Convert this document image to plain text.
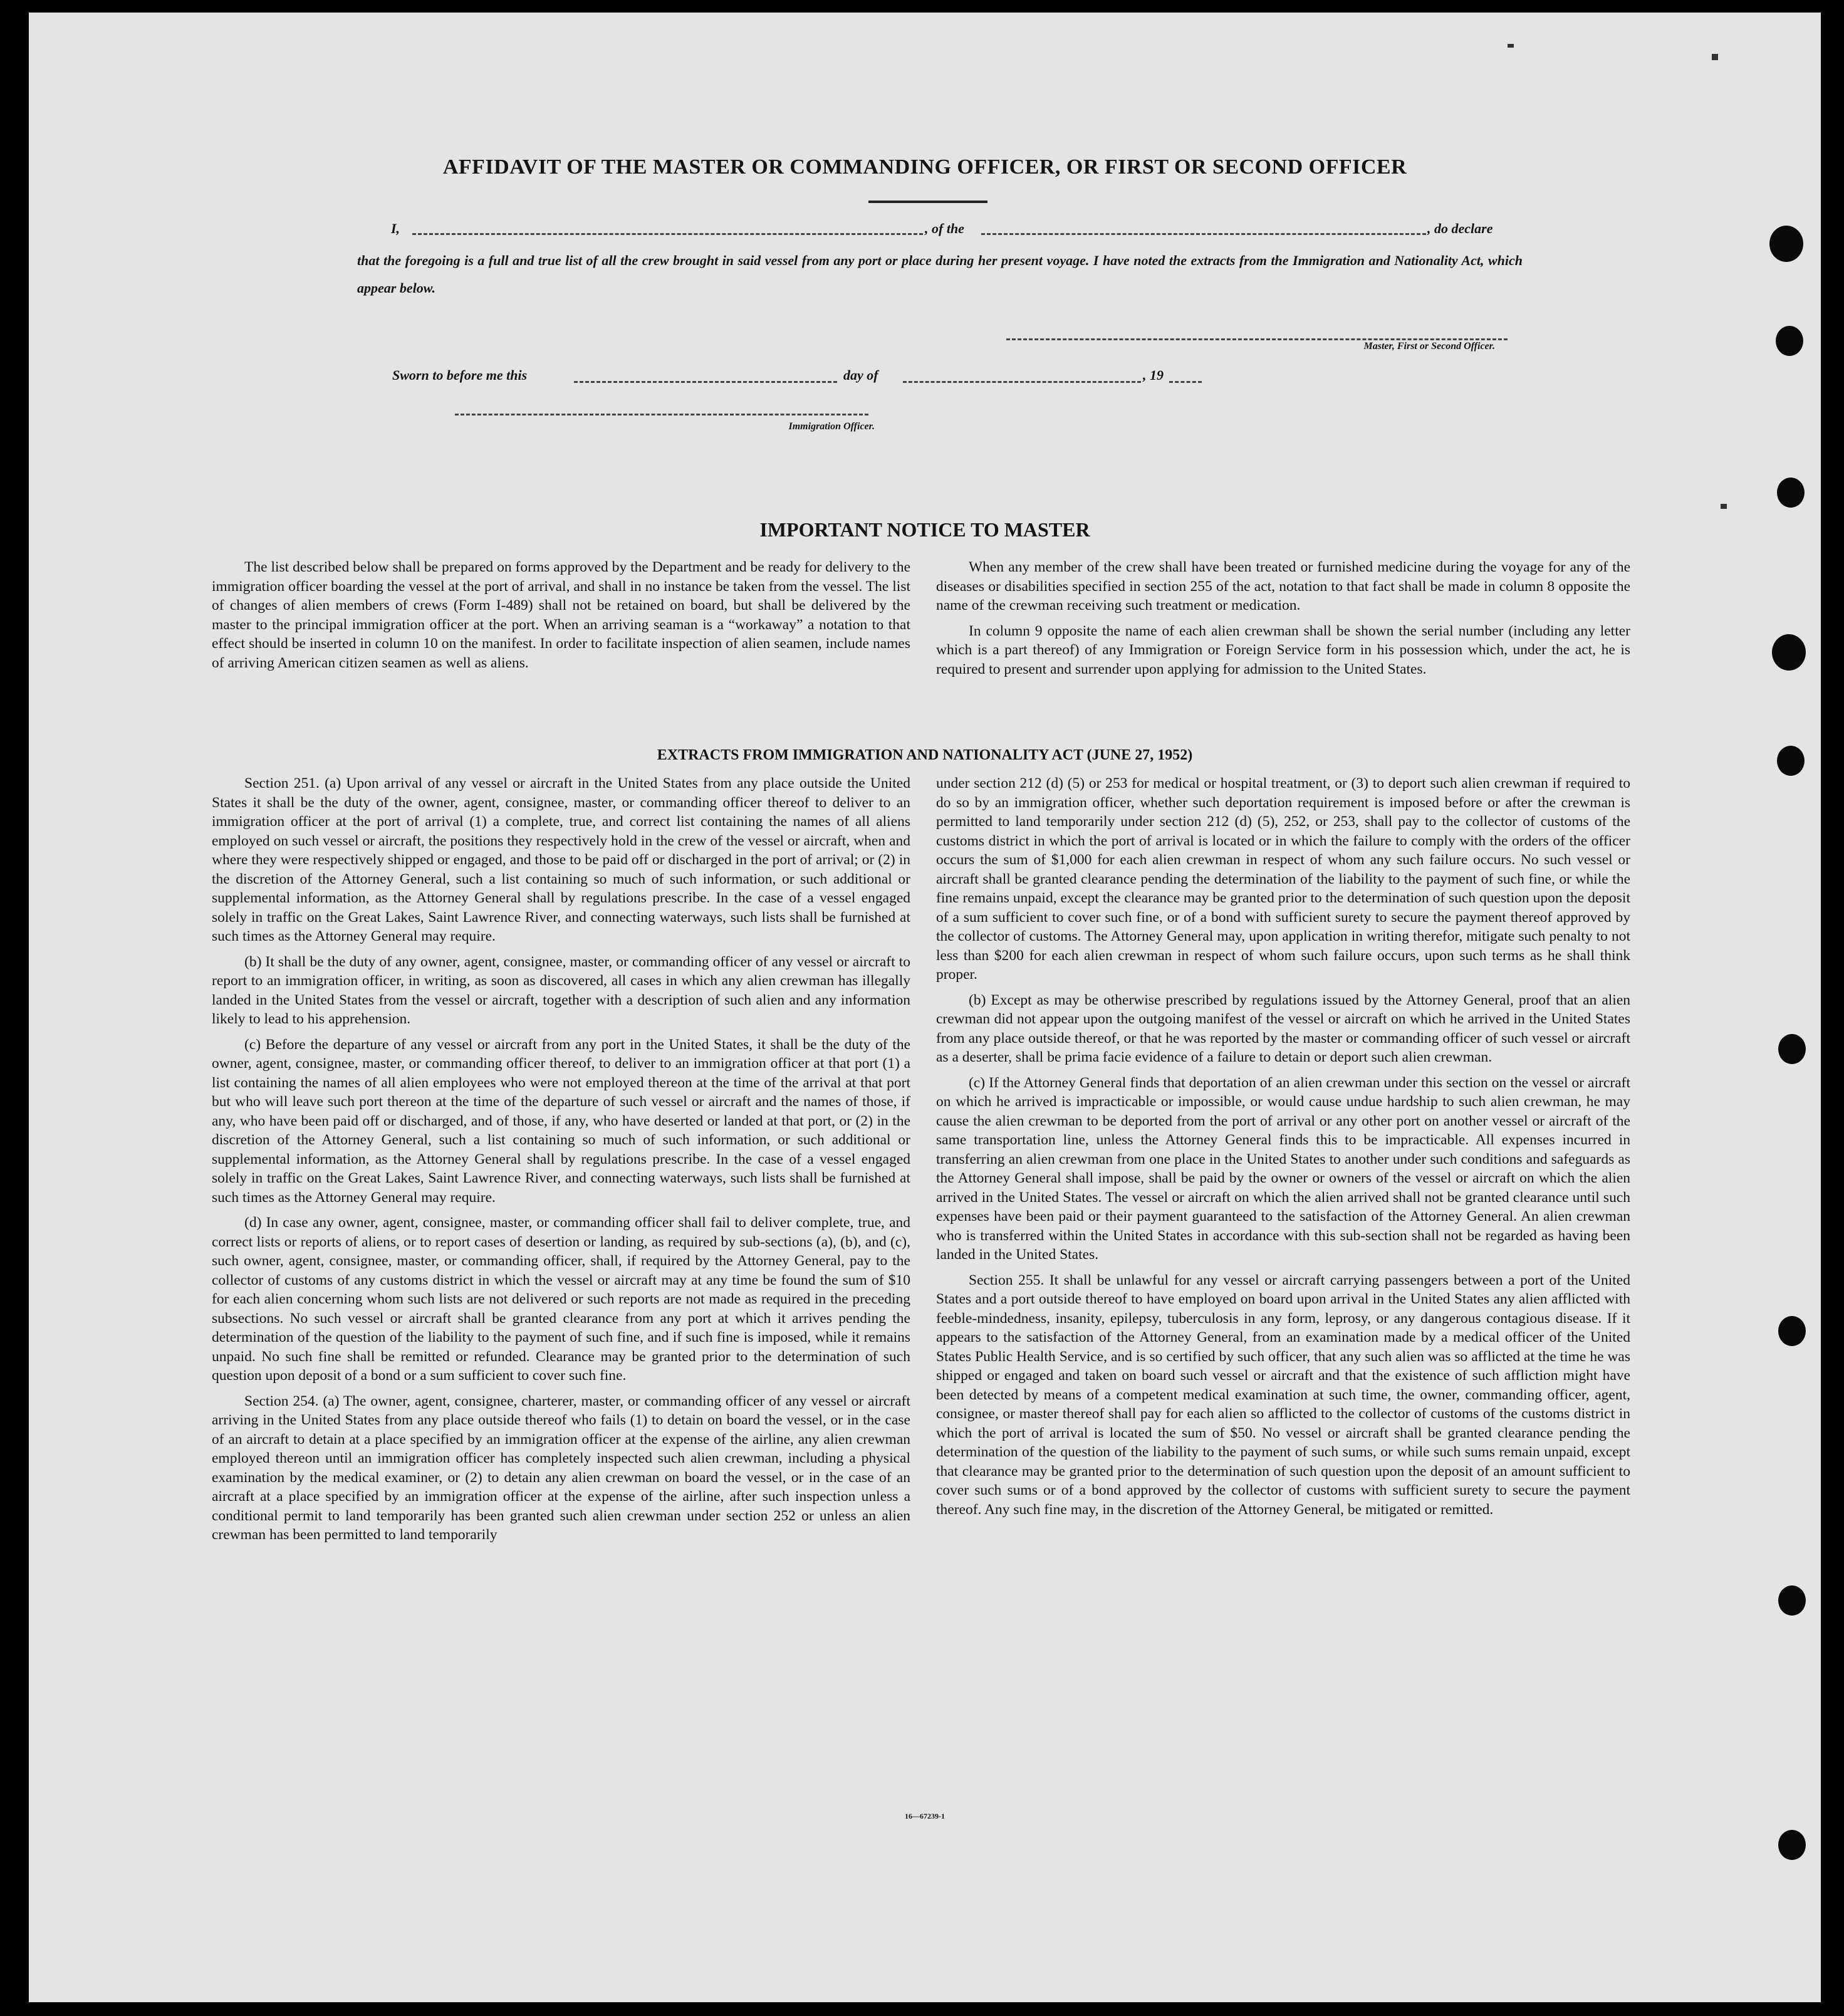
AFFIDAVIT OF THE MASTER OR COMMANDING OFFICER, OR FIRST OR SECOND OFFICER
I,	, of the	, do declare
that the foregoing is a full and true list of all the crew brought in said vessel from any port or place during her present voyage. I have noted the extracts from the Immigration and Nationality Act, which appear below.
Master, First or Second Officer.
Sworn to before me this	day of	, 19
Immigration Officer.
IMPORTANT NOTICE TO MASTER

The list described below shall be prepared on forms approved by the Department and be ready for delivery to the immigration officer boarding the vessel at the port of arrival, and shall in no instance be taken from the vessel. The list of changes of alien members of crews (Form I-489) shall not be retained on board, but shall be delivered by the master to the principal immigration officer at the port. When an arriving seaman is a “workaway” a notation to that effect should be inserted in column 10 on the manifest. In order to facilitate inspection of alien seamen, include names of arriving American citizen seamen as well as aliens.

When any member of the crew shall have been treated or furnished medicine during the voyage for any of the diseases or disabilities specified in section 255 of the act, notation to that fact shall be made in column 8 opposite the name of the crewman receiving such treatment or medication.

In column 9 opposite the name of each alien crewman shall be shown the serial number (including any letter which is a part thereof) of any Immigration or Foreign Service form in his possession which, under the act, he is required to present and surrender upon applying for admission to the United States.

EXTRACTS FROM IMMIGRATION AND NATIONALITY ACT (JUNE 27, 1952)

Section 251. (a) Upon arrival of any vessel or aircraft in the United States from any place outside the United States it shall be the duty of the owner, agent, consignee, master, or commanding officer thereof to deliver to an immigration officer at the port of arrival (1) a complete, true, and correct list containing the names of all aliens employed on such vessel or aircraft, the positions they respectively hold in the crew of the vessel or aircraft, when and where they were respectively shipped or engaged, and those to be paid off or discharged in the port of arrival; or (2) in the discretion of the Attorney General, such a list containing so much of such information, or such additional or supplemental information, as the Attorney General shall by regulations prescribe. In the case of a vessel engaged solely in traffic on the Great Lakes, Saint Lawrence River, and connecting waterways, such lists shall be furnished at such times as the Attorney General may require.

(b) It shall be the duty of any owner, agent, consignee, master, or commanding officer of any vessel or aircraft to report to an immigration officer, in writing, as soon as discovered, all cases in which any alien crewman has illegally landed in the United States from the vessel or aircraft, together with a description of such alien and any information likely to lead to his apprehension.

(c) Before the departure of any vessel or aircraft from any port in the United States, it shall be the duty of the owner, agent, consignee, master, or commanding officer thereof, to deliver to an immigration officer at that port (1) a list containing the names of all alien employees who were not employed thereon at the time of the arrival at that port but who will leave such port thereon at the time of the departure of such vessel or aircraft and the names of those, if any, who have been paid off or discharged, and of those, if any, who have deserted or landed at that port, or (2) in the discretion of the Attorney General, such a list containing so much of such information, or such additional or supplemental information, as the Attorney General shall by regulations prescribe. In the case of a vessel engaged solely in traffic on the Great Lakes, Saint Lawrence River, and connecting waterways, such lists shall be furnished at such times as the Attorney General may require.

(d) In case any owner, agent, consignee, master, or commanding officer shall fail to deliver complete, true, and correct lists or reports of aliens, or to report cases of desertion or landing, as required by sub-sections (a), (b), and (c), such owner, agent, consignee, master, or commanding officer, shall, if required by the Attorney General, pay to the collector of customs of any customs district in which the vessel or aircraft may at any time be found the sum of $10 for each alien concerning whom such lists are not delivered or such reports are not made as required in the preceding subsections. No such vessel or aircraft shall be granted clearance from any port at which it arrives pending the determination of the question of the liability to the payment of such fine, and if such fine is imposed, while it remains unpaid. No such fine shall be remitted or refunded. Clearance may be granted prior to the determination of such question upon deposit of a bond or a sum sufficient to cover such fine.

Section 254. (a) The owner, agent, consignee, charterer, master, or commanding officer of any vessel or aircraft arriving in the United States from any place outside thereof who fails (1) to detain on board the vessel, or in the case of an aircraft to detain at a place specified by an immigration officer at the expense of the airline, any alien crewman employed thereon until an immigration officer has completely inspected such alien crewman, including a physical examination by the medical examiner, or (2) to detain any alien crewman on board the vessel, or in the case of an aircraft at a place specified by an immigration officer at the expense of the airline, after such inspection unless a conditional permit to land temporarily has been granted such alien crewman under section 252 or unless an alien crewman has been permitted to land temporarily

under section 212 (d) (5) or 253 for medical or hospital treatment, or (3) to deport such alien crewman if required to do so by an immigration officer, whether such deportation requirement is imposed before or after the crewman is permitted to land temporarily under section 212 (d) (5), 252, or 253, shall pay to the collector of customs of the customs district in which the port of arrival is located or in which the failure to comply with the orders of the officer occurs the sum of $1,000 for each alien crewman in respect of whom any such failure occurs. No such vessel or aircraft shall be granted clearance pending the determination of the liability to the payment of such fine, or while the fine remains unpaid, except the clearance may be granted prior to the determination of such question upon the deposit of a sum sufficient to cover such fine, or of a bond with sufficient surety to secure the payment thereof approved by the collector of customs. The Attorney General may, upon application in writing therefor, mitigate such penalty to not less than $200 for each alien crewman in respect of whom such failure occurs, upon such terms as he shall think proper.

(b) Except as may be otherwise prescribed by regulations issued by the Attorney General, proof that an alien crewman did not appear upon the outgoing manifest of the vessel or aircraft on which he arrived in the United States from any place outside thereof, or that he was reported by the master or commanding officer of such vessel or aircraft as a deserter, shall be prima facie evidence of a failure to detain or deport such alien crewman.

(c) If the Attorney General finds that deportation of an alien crewman under this section on the vessel or aircraft on which he arrived is impracticable or impossible, or would cause undue hardship to such alien crewman, he may cause the alien crewman to be deported from the port of arrival or any other port on another vessel or aircraft of the same transportation line, unless the Attorney General finds this to be impracticable. All expenses incurred in transferring an alien crewman from one place in the United States to another under such conditions and safeguards as the Attorney General shall impose, shall be paid by the owner or owners of the vessel or aircraft on which the alien arrived in the United States. The vessel or aircraft on which the alien arrived shall not be granted clearance until such expenses have been paid or their payment guaranteed to the satisfaction of the Attorney General. An alien crewman who is transferred within the United States in accordance with this sub-section shall not be regarded as having been landed in the United States.

Section 255. It shall be unlawful for any vessel or aircraft carrying passengers between a port of the United States and a port outside thereof to have employed on board upon arrival in the United States any alien afflicted with feeble-mindedness, insanity, epilepsy, tuberculosis in any form, leprosy, or any dangerous contagious disease. If it appears to the satisfaction of the Attorney General, from an examination made by a medical officer of the United States Public Health Service, and is so certified by such officer, that any such alien was so afflicted at the time he was shipped or engaged and taken on board such vessel or aircraft and that the existence of such affliction might have been detected by means of a competent medical examination at such time, the owner, commanding officer, agent, consignee, or master thereof shall pay for each alien so afflicted to the collector of customs of the customs district in which the port of arrival is located the sum of $50. No vessel or aircraft shall be granted clearance pending the determination of the question of the liability to the payment of such sums, or while such sums remain unpaid, except that clearance may be granted prior to the determination of such question upon the deposit of an amount sufficient to cover such sums or of a bond approved by the collector of customs with sufficient surety to secure the payment thereof. Any such fine may, in the discretion of the Attorney General, be mitigated or remitted.

16—67239-1
